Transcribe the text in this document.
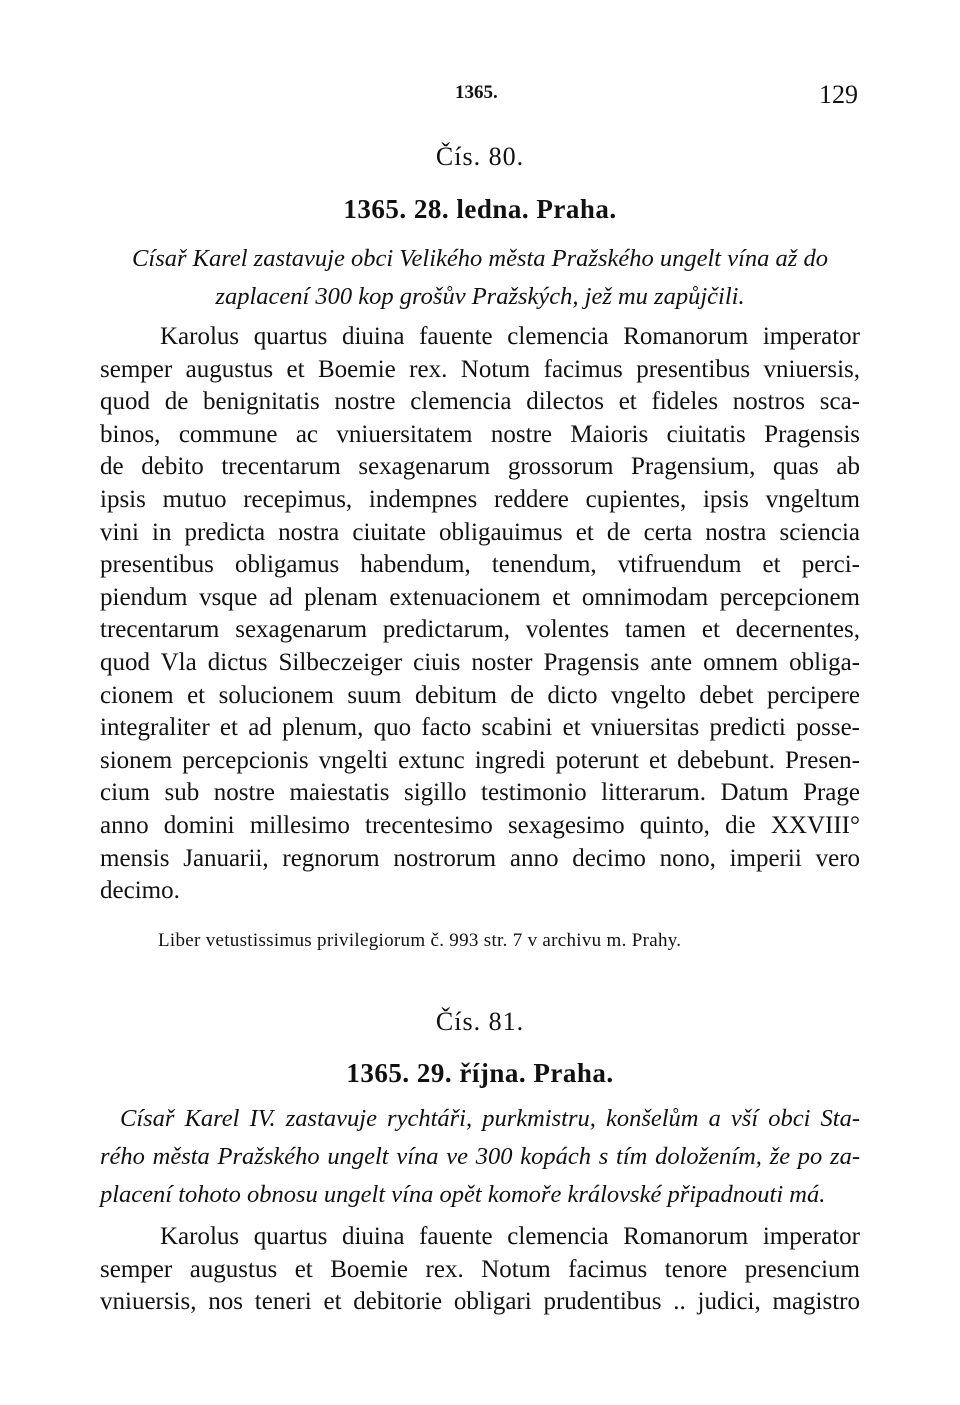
1365.	129
Čís. 80.
1365. 28. ledna. Praha.
Císař Karel zastavuje obci Velikého města Pražského ungelt vína až do
zaplacení 300 kop grošův Pražských, jež mu zapůjčili.
Karolus quartus diuina fauente clemencia Romanorum imperator
semper augustus et Boemie rex. Notum facimus presentibus vniuersis,
quod de benignitatis nostre clemencia dilectos et fideles nostros sca-
binos, commune ac vniuersitatem nostre Maioris ciuitatis Pragensis
de debito trecentarum sexagenarum grossorum Pragensium, quas ab
ipsis mutuo recepimus, indempnes reddere cupientes, ipsis vngeltum
vini in predicta nostra ciuitate obligauimus et de certa nostra sciencia
presentibus obligamus habendum, tenendum, vtifruendum et perci-
piendum vsque ad plenam extenuacionem et omnimodam percepcionem
trecentarum sexagenarum predictarum, volentes tamen et decernentes,
quod Vla dictus Silbeczeiger ciuis noster Pragensis ante omnem obliga-
cionem et solucionem suum debitum de dicto vngelto debet percipere
integraliter et ad plenum, quo facto scabini et vniuersitas predicti posse-
sionem percepcionis vngelti extunc ingredi poterunt et debebunt. Presen-
cium sub nostre maiestatis sigillo testimonio litterarum. Datum Prage
anno domini millesimo trecentesimo sexagesimo quinto, die XXVIII°
mensis Januarii, regnorum nostrorum anno decimo nono, imperii vero
decimo.
Liber vetustissimus privilegiorum č. 993 str. 7 v archivu m. Prahy.
Čís. 81.
1365. 29. října. Praha.
Císař Karel IV. zastavuje rychtáři, purkmistru, konšelům a vší obci Sta-
rého města Pražského ungelt vína ve 300 kopách s tím doložením, že po za-
placení tohoto obnosu ungelt vína opět komoře královské připadnouti má.
Karolus quartus diuina fauente clemencia Romanorum imperator
semper augustus et Boemie rex. Notum facimus tenore presencium
vniuersis, nos teneri et debitorie obligari prudentibus .. judici, magistro
